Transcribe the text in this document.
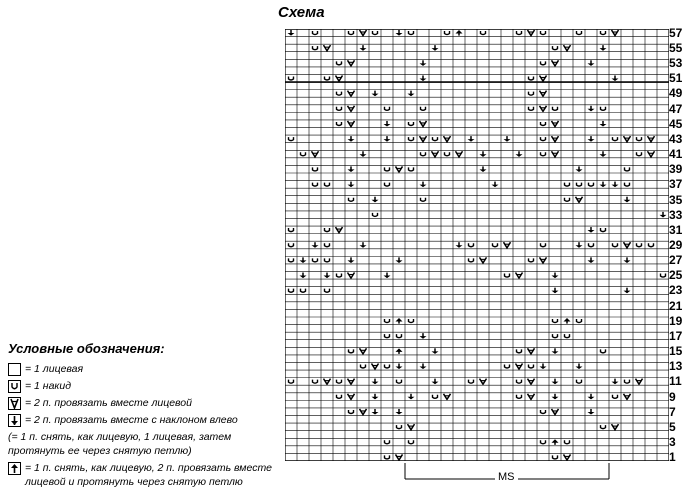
Схема
57
55
53
51
49
47
45
43
41
39
37
35
33
31
29
27
25
23
21
19
17
15
13
11
9
7
5
3
1
MS
Условные обозначения:
= 1 лицевая
= 1 накид
= 2 п. провязать вместе лицевой
= 2 п. провязать вместе с наклоном влево
(= 1 п. снять, как лицевую, 1 лицевая, затем протянуть ее через снятую петлю)
= 1 п. снять, как лицевую, 2 п. провязать вместе лицевой и протянуть через снятую петлю
